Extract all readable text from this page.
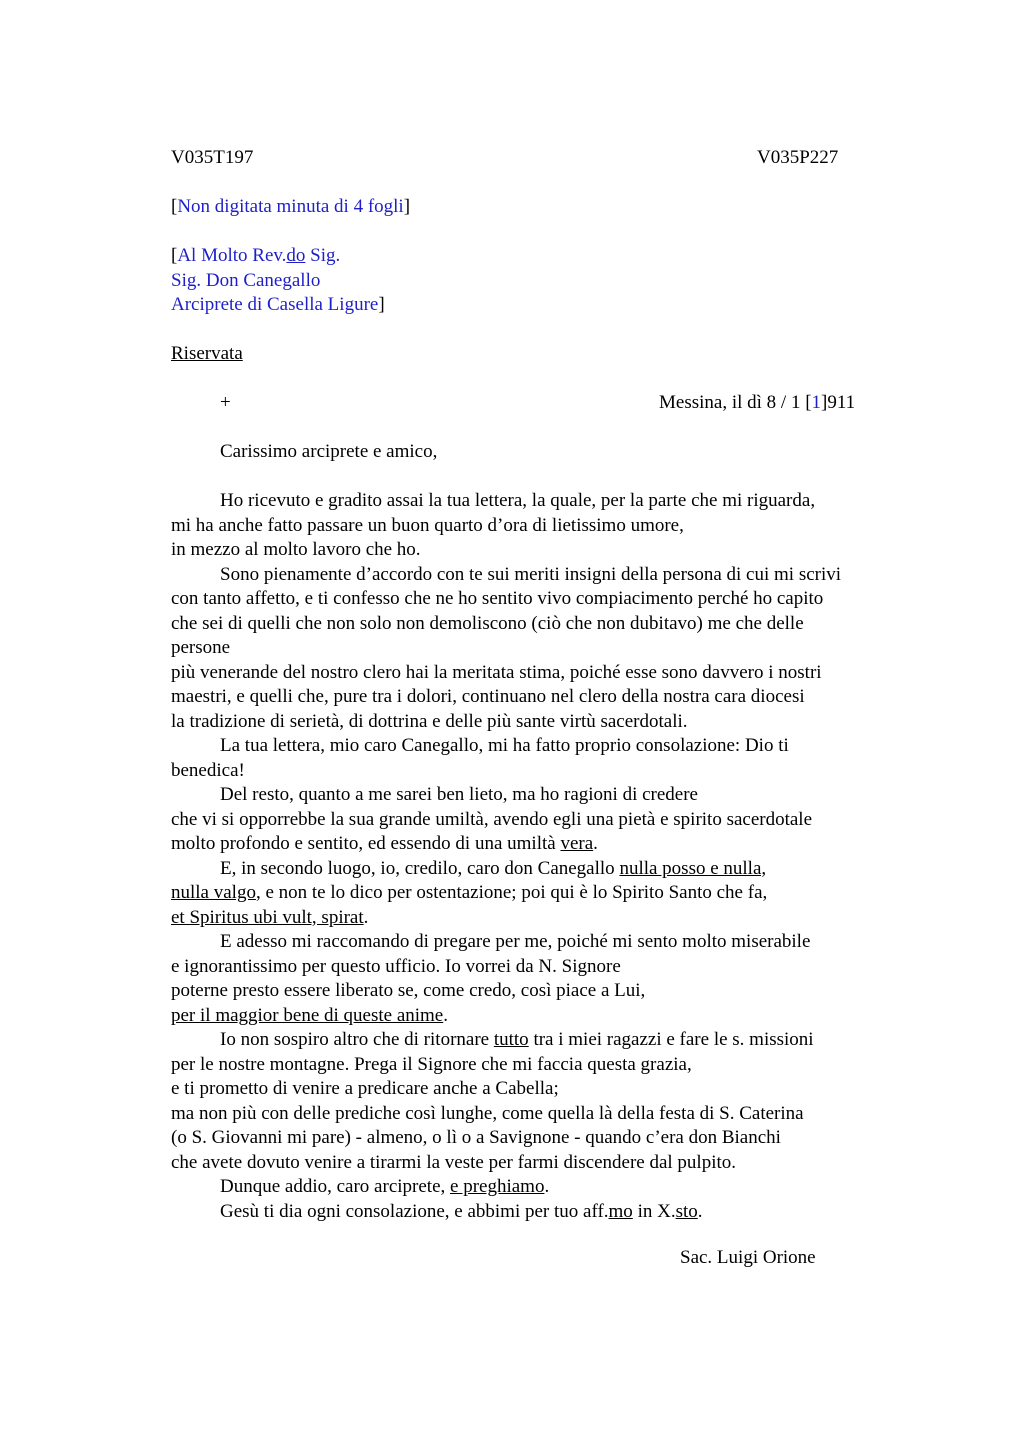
V035T197	V035P227
[Non digitata minuta di 4 fogli]
[Al Molto Rev.do Sig.
Sig. Don Canegallo
Arciprete di Casella Ligure]
Riservata
+	Messina, il dì 8 / 1 [1]911
Carissimo arciprete e amico,
Ho ricevuto e gradito assai la tua lettera, la quale, per la parte che mi riguarda,
mi ha anche fatto passare un buon quarto d’ora di lietissimo umore,
in mezzo al molto lavoro che ho.
Sono pienamente d’accordo con te sui meriti insigni della persona di cui mi scrivi
con tanto affetto, e ti confesso che ne ho sentito vivo compiacimento perché ho capito
che sei di quelli che non solo non demoliscono (ciò che non dubitavo) me che delle
persone
più venerande del nostro clero hai la meritata stima, poiché esse sono davvero i nostri
maestri, e quelli che, pure tra i dolori, continuano nel clero della nostra cara diocesi
la tradizione di serietà, di dottrina e delle più sante virtù sacerdotali.
La tua lettera, mio caro Canegallo, mi ha fatto proprio consolazione: Dio ti
benedica!
Del resto, quanto a me sarei ben lieto, ma ho ragioni di credere
che vi si opporrebbe la sua grande umiltà, avendo egli una pietà e spirito sacerdotale
molto profondo e sentito, ed essendo di una umiltà vera.
E, in secondo luogo, io, credilo, caro don Canegallo nulla posso e nulla,
nulla valgo, e non te lo dico per ostentazione; poi qui è lo Spirito Santo che fa,
et Spiritus ubi vult, spirat.
E adesso mi raccomando di pregare per me, poiché mi sento molto miserabile
e ignorantissimo per questo ufficio. Io vorrei da N. Signore
poterne presto essere liberato se, come credo, così piace a Lui,
per il maggior bene di queste anime.
Io non sospiro altro che di ritornare tutto tra i miei ragazzi e fare le s. missioni
per le nostre montagne. Prega il Signore che mi faccia questa grazia,
e ti prometto di venire a predicare anche a Cabella;
ma non più con delle prediche così lunghe, come quella là della festa di S. Caterina
(o S. Giovanni mi pare) - almeno, o lì o a Savignone - quando c’era don Bianchi
che avete dovuto venire a tirarmi la veste per farmi discendere dal pulpito.
Dunque addio, caro arciprete, e preghiamo.
Gesù ti dia ogni consolazione, e abbimi per tuo aff.mo in X.sto.
Sac. Luigi Orione
